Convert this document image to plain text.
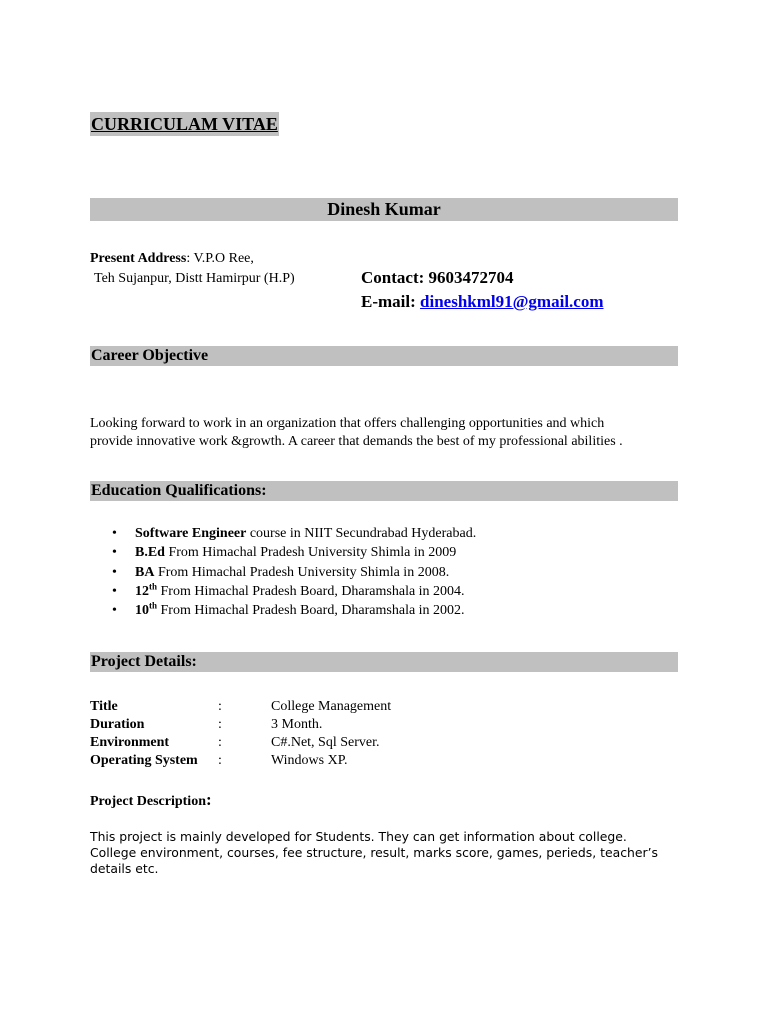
CURRICULAM VITAE
Dinesh Kumar
Present Address: V.P.O Ree,
Teh Sujanpur, Distt Hamirpur (H.P)	Contact: 9603472704
E-mail: dineshkml91@gmail.com
Career Objective
Looking forward to work in an organization that offers challenging opportunities and which
provide innovative work &growth. A career that demands the best of my professional abilities .
Education Qualifications:
• Software Engineer course in NIIT Secundrabad Hyderabad.
• B.Ed From Himachal Pradesh University Shimla in 2009
• BA From Himachal Pradesh University Shimla in 2008.
• 12th From Himachal Pradesh Board, Dharamshala in 2004.
• 10th From Himachal Pradesh Board, Dharamshala in 2002.
Project Details:
Title	:	College Management
Duration	:	3 Month.
Environment	:	C#.Net, Sql Server.
Operating System :	Windows XP.
Project Description:
This project is mainly developed for Students. They can get information about college.
College environment, courses, fee structure, result, marks score, games, perieds, teacher’s
details etc.
